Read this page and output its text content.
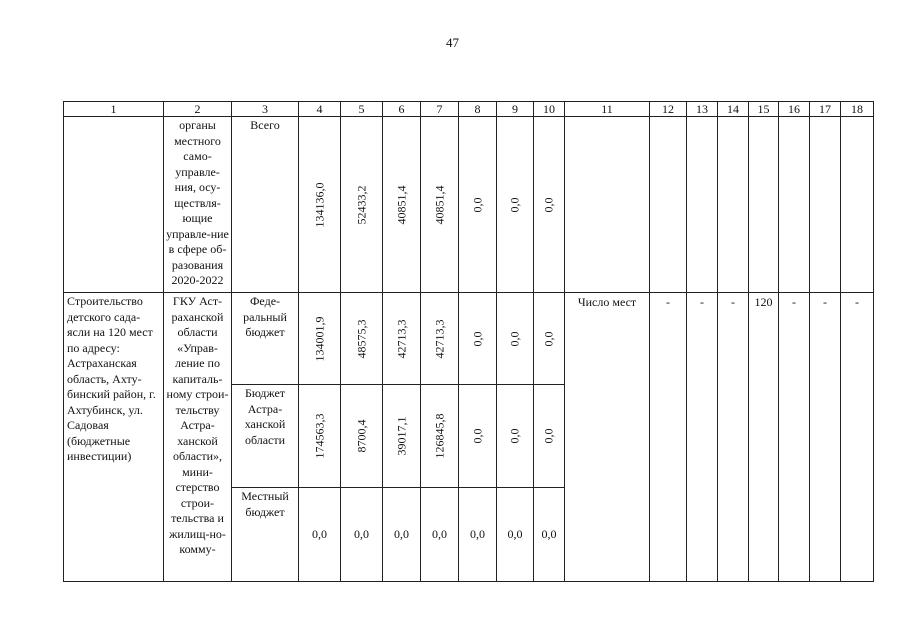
47
1	2	3	4	5	6	7	8	9	10	11	12	13	14	15	16	17	18
	органы местного само-управле-ния, осу-ществля-ющие управле-ние в сфере об-разования 2020-2022	Всего	134136,0	52433,2	40851,4	40851,4	0,0	0,0	0,0								

Строительство детского сада-ясли на 120 мест по адресу: Астраханская область, Ахту-бинский район, г. Ахтубинск, ул. Садовая (бюджетные инвестиции)	ГКУ Аст-раханской области «Управ-ление по капиталь-ному строи-тельству Астра-ханской области», мини-стерство строи-тельства и жилищ-но-комму-	Феде-ральный бюджет	134001,9	48575,3	42713,3	42713,3	0,0	0,0	0,0	Число мест	-	-	-	120	-	-	-
		Бюджет Астра-ханской области	174563,3	8700,4	39017,1	126845,8	0,0	0,0	0,0								

		Местный бюджет	0,0	0,0	0,0	0,0	0,0	0,0	0,0								
